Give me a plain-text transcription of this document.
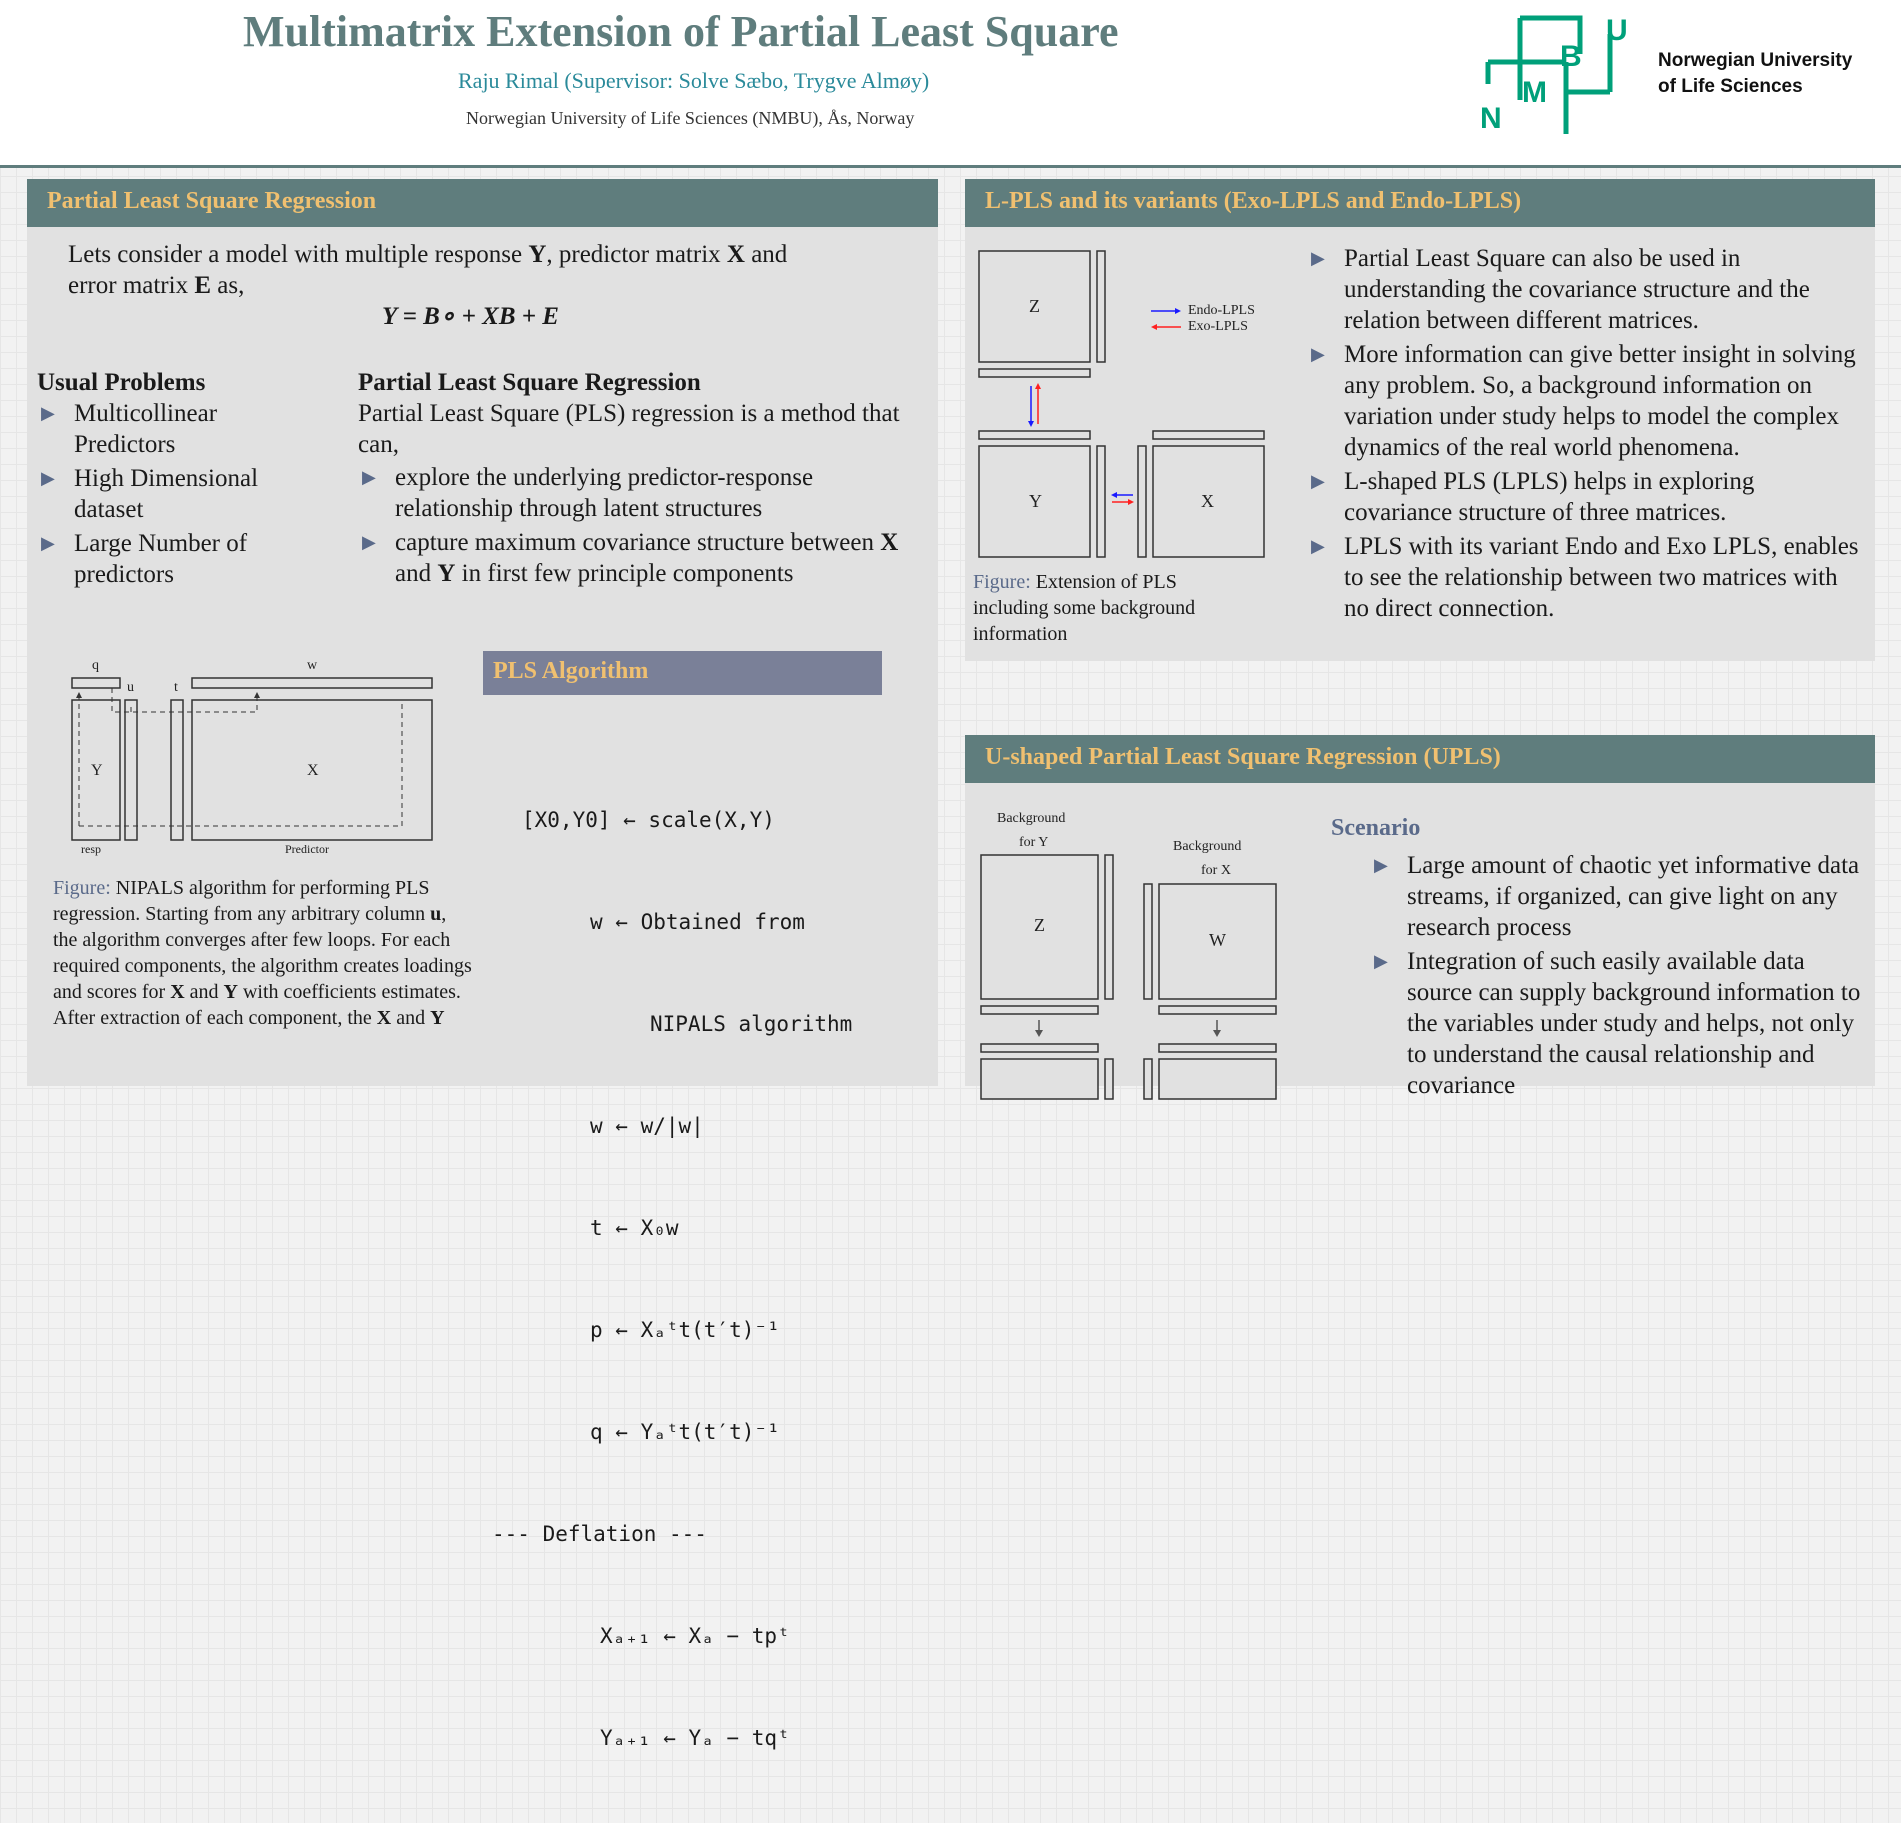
Multimatrix Extension of Partial Least Square
Raju Rimal (Supervisor: Solve Sæbo, Trygve Almøy)
Norwegian University of Life Sciences (NMBU), Ås, Norway
B
U
M
N
Norwegian University
of Life Sciences
Partial Least Square Regression
Lets consider a model with multiple response Y, predictor matrix X and
error matrix E as,
Y = B∘ + XB + E
Usual Problems
▶ Multicollinear Predictors
▶ High Dimensional dataset
▶ Large Number of predictors
Partial Least Square Regression
Partial Least Square (PLS) regression is a method that can,
▶ explore the underlying predictor-response relationship through latent structures
▶ capture maximum covariance structure between X and Y in first few principle components
q
u	t
w
Y	X
resp	Predictor
Figure: NIPALS algorithm for performing PLS regression. Starting from any arbitrary column u, the algorithm converges after few loops. For each required components, the algorithm creates loadings and scores for X and Y with coefficients estimates. After extraction of each component, the X and Y
PLS Algorithm

[X0,Y0] ← scale(X,Y)

w ← Obtained from

NIPALS algorithm

w ← w/|w|

t ← X₀w

p ← Xₐᵗt(t′t)⁻¹

q ← Yₐᵗt(t′t)⁻¹

--- Deflation ---

Xₐ₊₁ ← Xₐ − tpᵗ

Yₐ₊₁ ← Yₐ − tqᵗ

L-PLS and its variants (Exo-LPLS and Endo-LPLS)
Z
Y	X
Endo-LPLS
Exo-LPLS
Figure: Extension of PLS including some background information
▶ Partial Least Square can also be used in understanding the covariance structure and the relation between different matrices.
▶ More information can give better insight in solving any problem. So, a background information on variation under study helps to model the complex dynamics of the real world phenomena.
▶ L-shaped PLS (LPLS) helps in exploring covariance structure of three matrices.
▶ LPLS with its variant Endo and Exo LPLS, enables to see the relationship between two matrices with no direct connection.
U-shaped Partial Least Square Regression (UPLS)
Background
for Y	Background
for X
Z
W
Scenario
▶ Large amount of chaotic yet informative data streams, if organized, can give light on any research process
▶ Integration of such easily available data source can supply background information to the variables under study and helps, not only to understand the causal relationship and covariance
